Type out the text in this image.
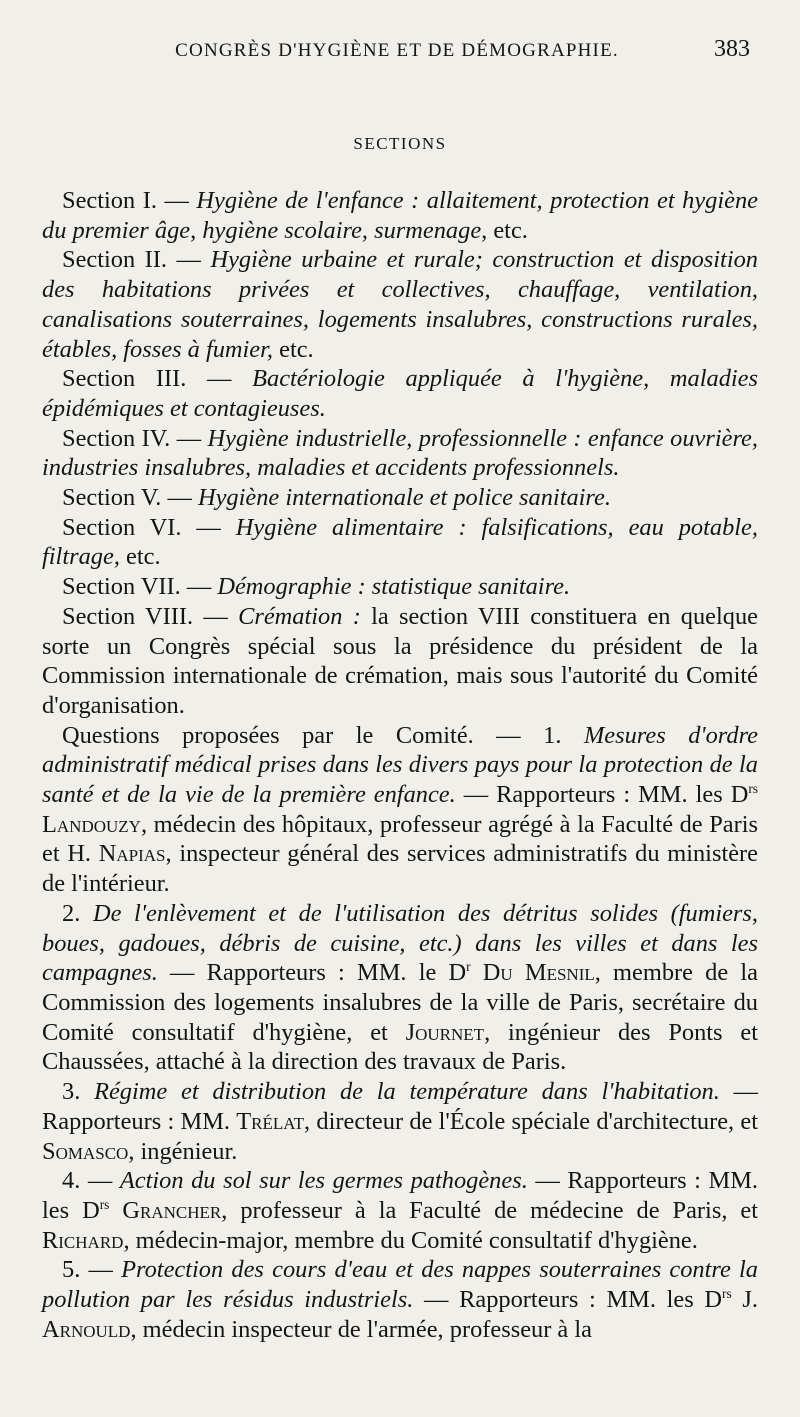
CONGRÈS D'HYGIÈNE ET DE DÉMOGRAPHIE.	383
SECTIONS

Section I. — Hygiène de l'enfance : allaitement, protection et hygiène du premier âge, hygiène scolaire, surmenage, etc.

Section II. — Hygiène urbaine et rurale; construction et disposition des habitations privées et collectives, chauffage, ventilation, canalisations souterraines, logements insalubres, constructions rurales, étables, fosses à fumier, etc.

Section III. — Bactériologie appliquée à l'hygiène, maladies épidémiques et contagieuses.

Section IV. — Hygiène industrielle, professionnelle : enfance ouvrière, industries insalubres, maladies et accidents professionnels.

Section V. — Hygiène internationale et police sanitaire.

Section VI. — Hygiène alimentaire : falsifications, eau potable, filtrage, etc.

Section VII. — Démographie : statistique sanitaire.

Section VIII. — Crémation : la section VIII constituera en quelque sorte un Congrès spécial sous la présidence du président de la Commission internationale de crémation, mais sous l'autorité du Comité d'organisation.

Questions proposées par le Comité. — 1. Mesures d'ordre administratif médical prises dans les divers pays pour la protection de la santé et de la vie de la première enfance. — Rapporteurs : MM. les $D^{rs}$ Landouzy, médecin des hôpitaux, professeur agrégé à la Faculté de Paris et H. Napias, inspecteur général des services administratifs du ministère de l'intérieur.

2. De l'enlèvement et de l'utilisation des détritus solides (fumiers, boues, gadoues, débris de cuisine, etc.) dans les villes et dans les campagnes. — Rapporteurs : MM. le $D^r$ Du Mesnil, membre de la Commission des logements insalubres de la ville de Paris, secrétaire du Comité consultatif d'hygiène, et Journet, ingénieur des Ponts et Chaussées, attaché à la direction des travaux de Paris.

3. Régime et distribution de la température dans l'habitation. — Rapporteurs : MM. Trélat, directeur de l'École spéciale d'architecture, et Somasco, ingénieur.

4. — Action du sol sur les germes pathogènes. — Rapporteurs : MM. les $D^{rs}$ Grancher, professeur à la Faculté de médecine de Paris, et Richard, médecin-major, membre du Comité consultatif d'hygiène.

5. — Protection des cours d'eau et des nappes souterraines contre la pollution par les résidus industriels. — Rapporteurs : MM. les $D^{rs}$ J. Arnould, médecin inspecteur de l'armée, professeur à la
